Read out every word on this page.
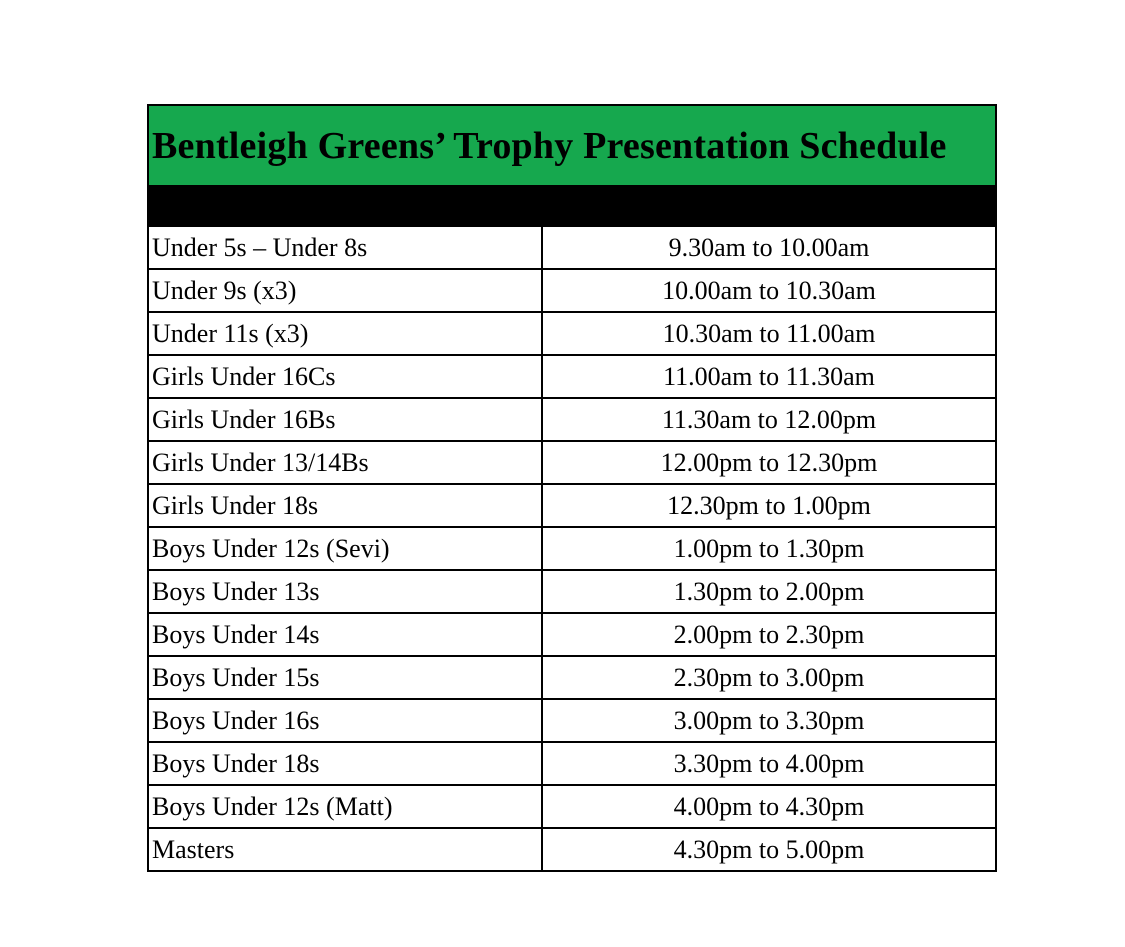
Bentleigh Greens’ Trophy Presentation Schedule
Under 5s – Under 8s	9.30am to 10.00am
Under 9s (x3)	10.00am to 10.30am
Under 11s (x3)	10.30am to 11.00am
Girls Under 16Cs	11.00am to 11.30am
Girls Under 16Bs	11.30am to 12.00pm
Girls Under 13/14Bs	12.00pm to 12.30pm
Girls Under 18s	12.30pm to 1.00pm
Boys Under 12s (Sevi)	1.00pm to 1.30pm
Boys Under 13s	1.30pm to 2.00pm
Boys Under 14s	2.00pm to 2.30pm
Boys Under 15s	2.30pm to 3.00pm
Boys Under 16s	3.00pm to 3.30pm
Boys Under 18s	3.30pm to 4.00pm
Boys Under 12s (Matt)	4.00pm to 4.30pm
Masters	4.30pm to 5.00pm
